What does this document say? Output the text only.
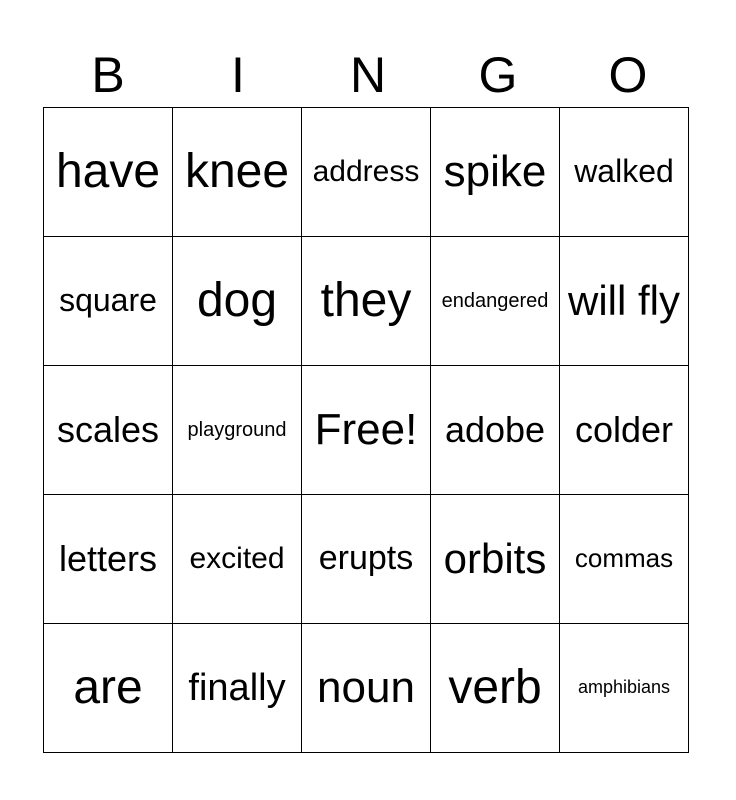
B	I	N	G	O
have	knee	address	spike	walked
square	dog	they	endangered	will fly
scales	playground	Free!	adobe	colder
letters	excited	erupts	orbits	commas
are	finally	noun	verb	amphibians
